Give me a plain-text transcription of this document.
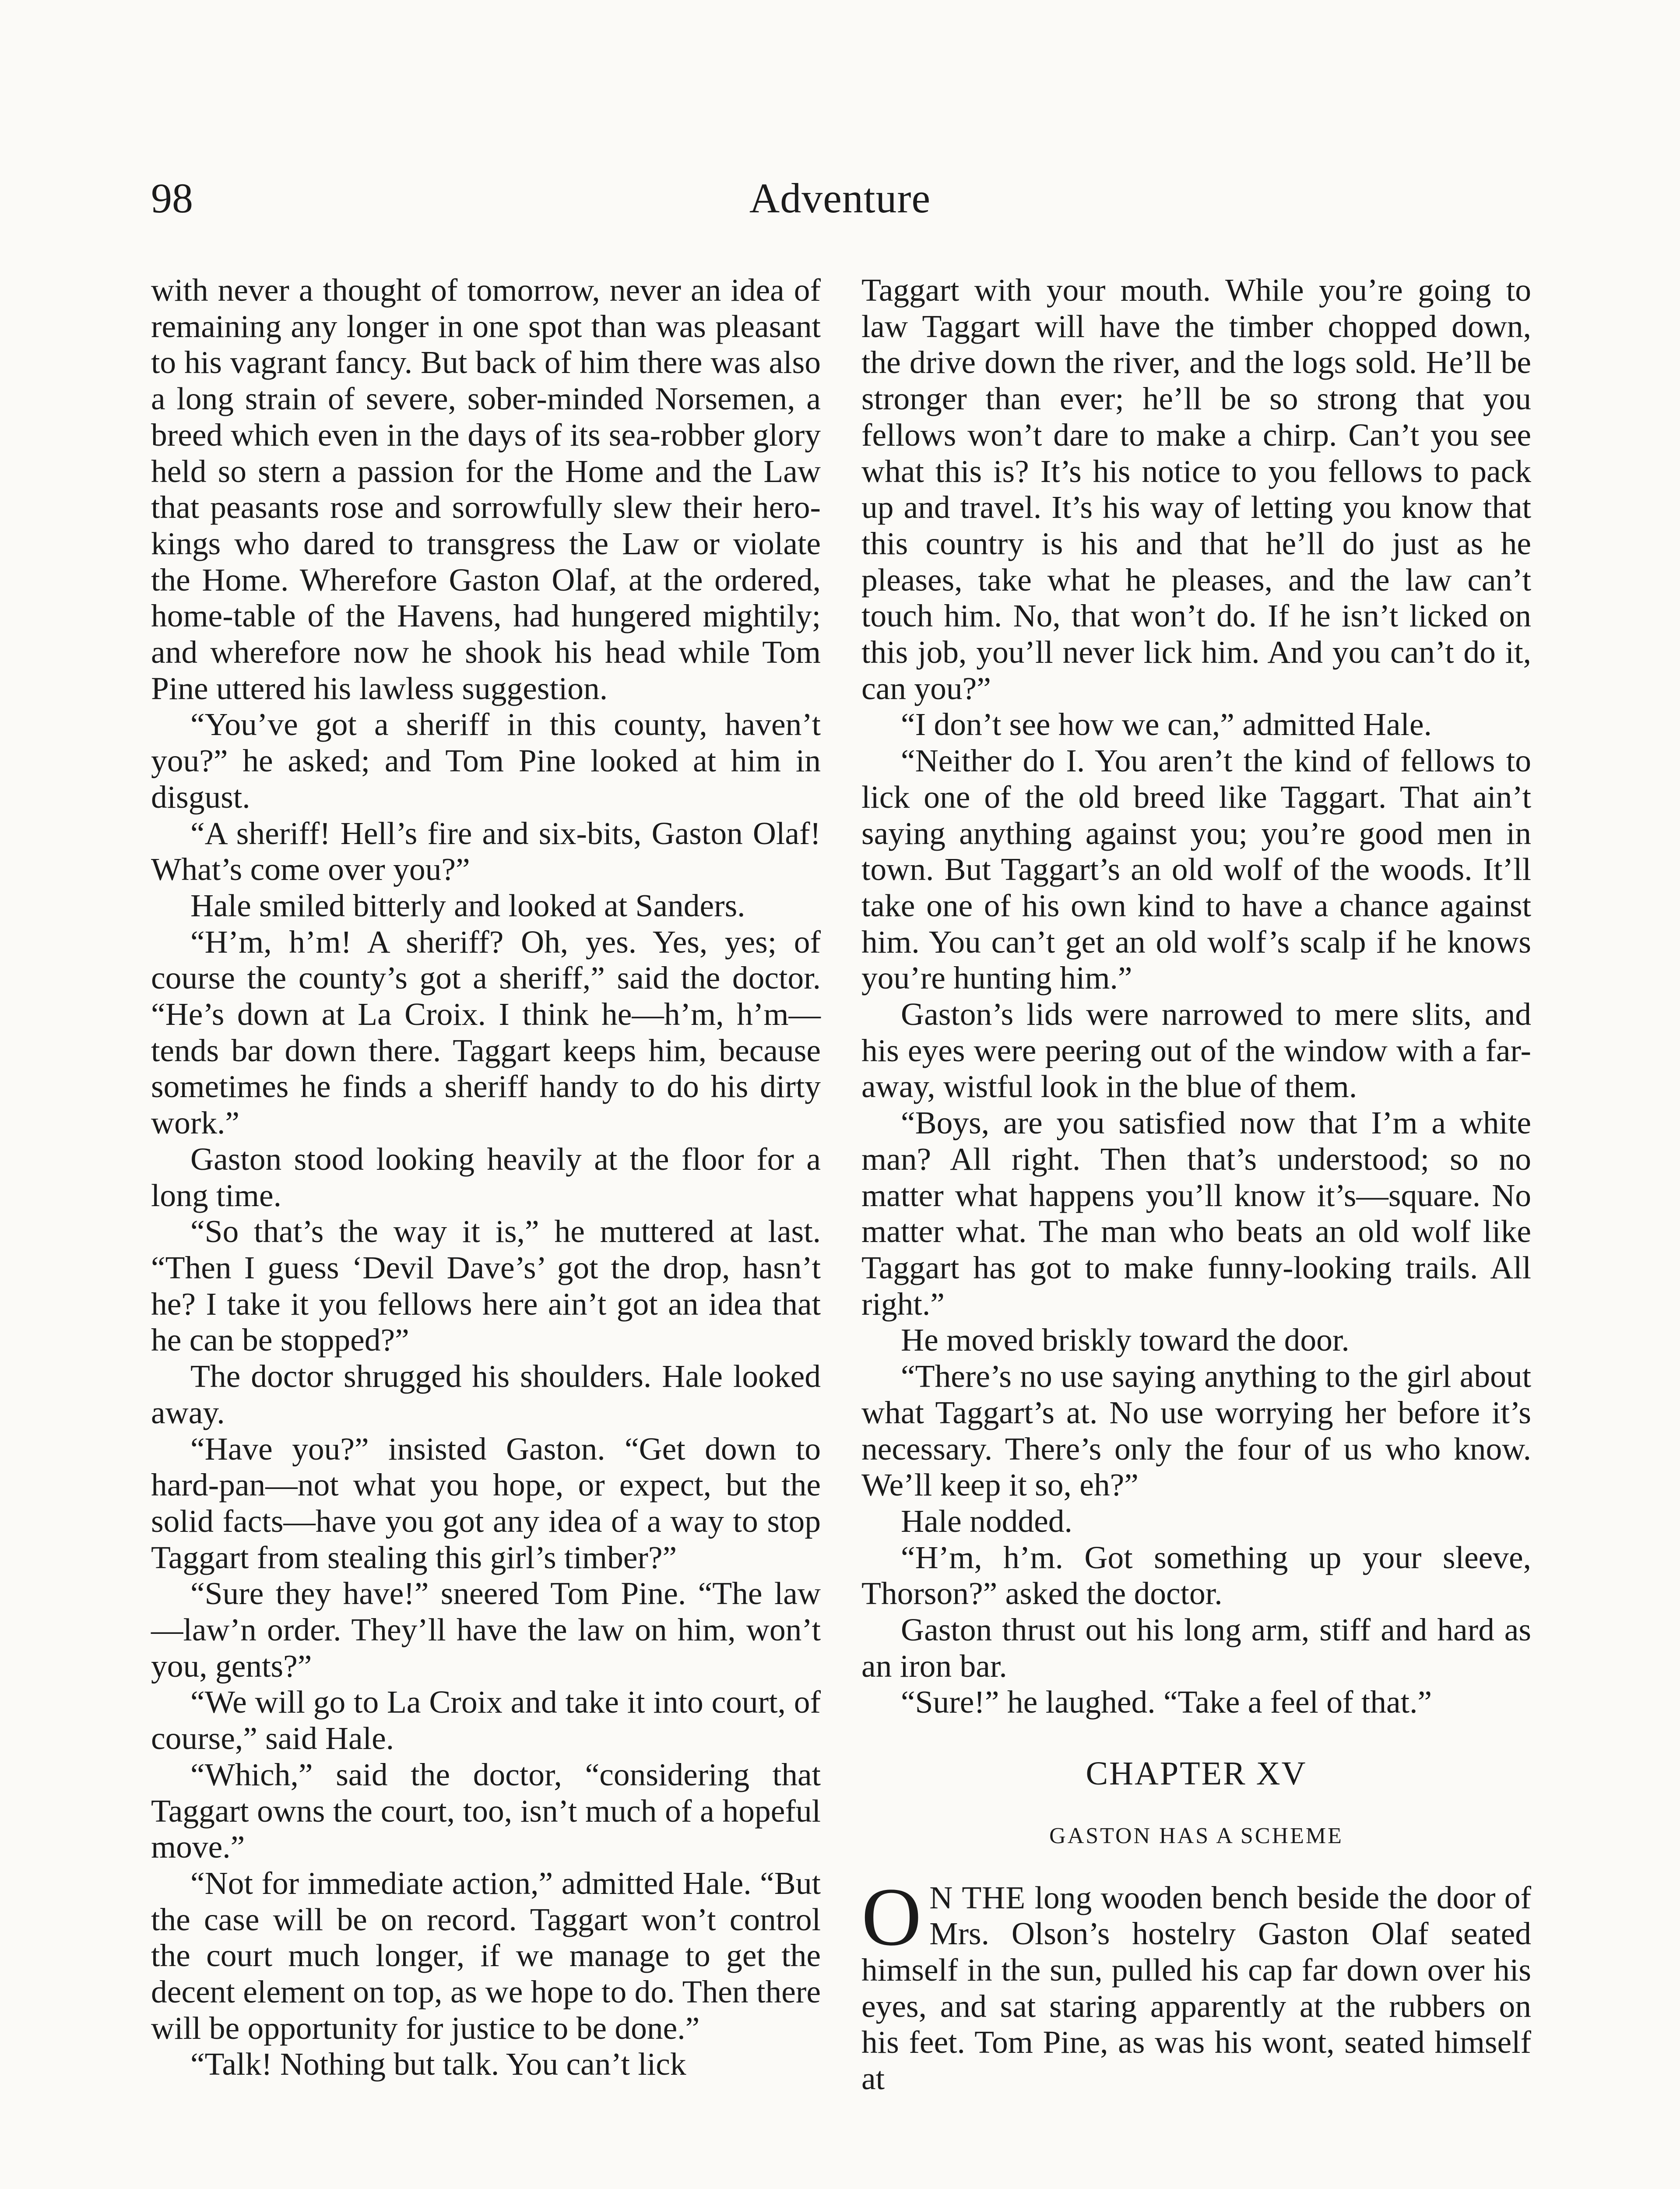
98	Adventure

with never a thought of tomorrow, never an idea of remaining any longer in one spot than was pleasant to his vagrant fancy. But back of him there was also a long strain of severe, sober-minded Norsemen, a breed which even in the days of its sea-robber glory held so stern a passion for the Home and the Law that peasants rose and sorrowfully slew their hero-kings who dared to transgress the Law or violate the Home. Wherefore Gaston Olaf, at the ordered, home-table of the Havens, had hungered mightily; and wherefore now he shook his head while Tom Pine uttered his lawless suggestion.

“You’ve got a sheriff in this county, haven’t you?” he asked; and Tom Pine looked at him in disgust.

“A sheriff! Hell’s fire and six-bits, Gaston Olaf! What’s come over you?”

Hale smiled bitterly and looked at Sanders.

“H’m, h’m! A sheriff? Oh, yes. Yes, yes; of course the county’s got a sheriff,” said the doctor. “He’s down at La Croix. I think he—h’m, h’m—tends bar down there. Taggart keeps him, because sometimes he finds a sheriff handy to do his dirty work.”

Gaston stood looking heavily at the floor for a long time.

“So that’s the way it is,” he muttered at last. “Then I guess ‘Devil Dave’s’ got the drop, hasn’t he? I take it you fellows here ain’t got an idea that he can be stopped?”

The doctor shrugged his shoulders. Hale looked away.

“Have you?” insisted Gaston. “Get down to hard-pan—not what you hope, or expect, but the solid facts—have you got any idea of a way to stop Taggart from stealing this girl’s timber?”

“Sure they have!” sneered Tom Pine. “The law—law’n order. They’ll have the law on him, won’t you, gents?”

“We will go to La Croix and take it into court, of course,” said Hale.

“Which,” said the doctor, “considering that Taggart owns the court, too, isn’t much of a hopeful move.”

“Not for immediate action,” admitted Hale. “But the case will be on record. Taggart won’t control the court much longer, if we manage to get the decent element on top, as we hope to do. Then there will be opportunity for justice to be done.”

“Talk! Nothing but talk. You can’t lick

Taggart with your mouth. While you’re going to law Taggart will have the timber chopped down, the drive down the river, and the logs sold. He’ll be stronger than ever; he’ll be so strong that you fellows won’t dare to make a chirp. Can’t you see what this is? It’s his notice to you fellows to pack up and travel. It’s his way of letting you know that this country is his and that he’ll do just as he pleases, take what he pleases, and the law can’t touch him. No, that won’t do. If he isn’t licked on this job, you’ll never lick him. And you can’t do it, can you?”

“I don’t see how we can,” admitted Hale.

“Neither do I. You aren’t the kind of fellows to lick one of the old breed like Taggart. That ain’t saying anything against you; you’re good men in town. But Taggart’s an old wolf of the woods. It’ll take one of his own kind to have a chance against him. You can’t get an old wolf’s scalp if he knows you’re hunting him.”

Gaston’s lids were narrowed to mere slits, and his eyes were peering out of the window with a far-away, wistful look in the blue of them.

“Boys, are you satisfied now that I’m a white man? All right. Then that’s understood; so no matter what happens you’ll know it’s—square. No matter what. The man who beats an old wolf like Taggart has got to make funny-looking trails. All right.”

He moved briskly toward the door.

“There’s no use saying anything to the girl about what Taggart’s at. No use worrying her before it’s necessary. There’s only the four of us who know. We’ll keep it so, eh?”

Hale nodded.

“H’m, h’m. Got something up your sleeve, Thorson?” asked the doctor.

Gaston thrust out his long arm, stiff and hard as an iron bar.

“Sure!” he laughed. “Take a feel of that.”

CHAPTER XV
GASTON HAS A SCHEME

O N THE long wooden bench beside the door of Mrs. Olson’s hostelry Gaston Olaf seated himself in the sun, pulled his cap far down over his eyes, and sat staring apparently at the rubbers on his feet. Tom Pine, as was his wont, seated himself at
